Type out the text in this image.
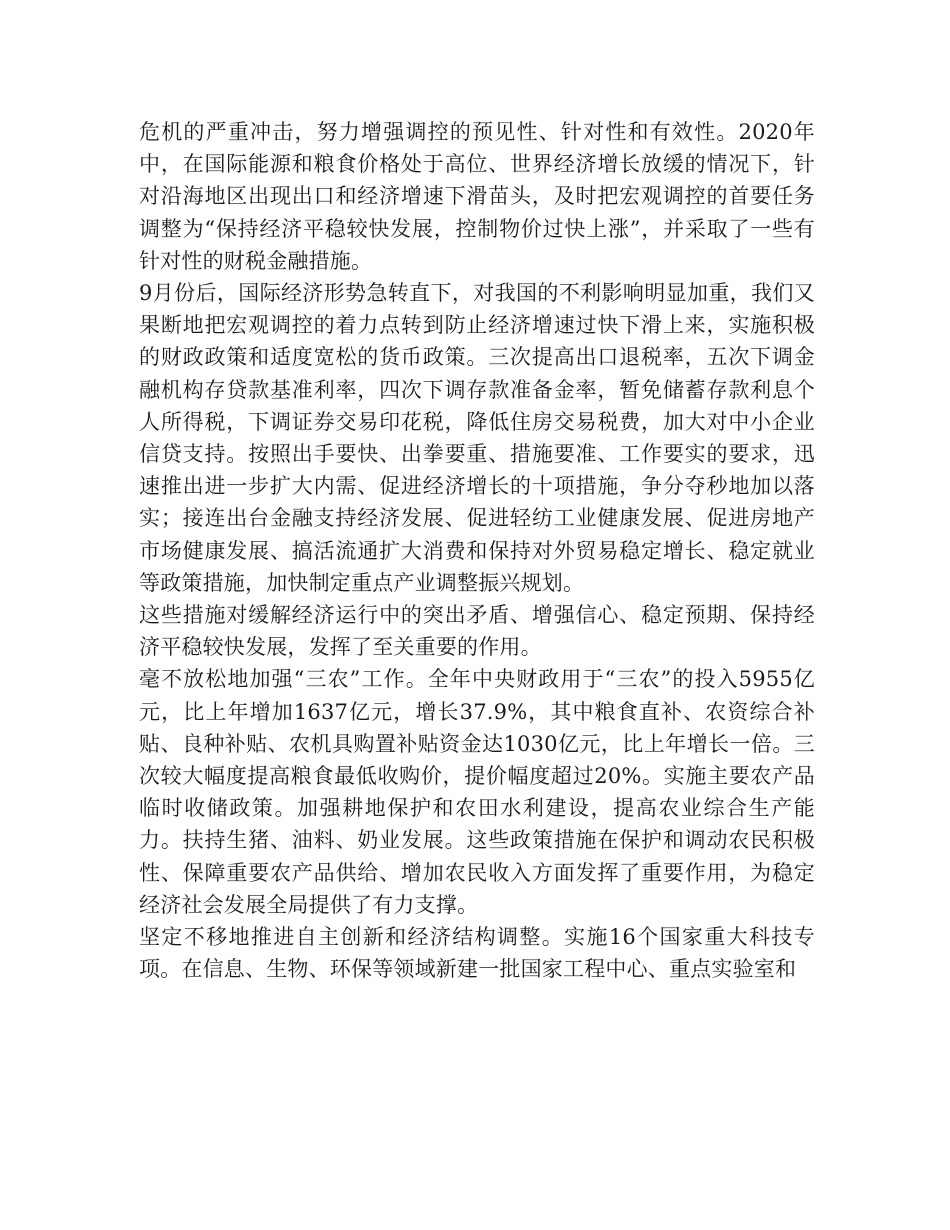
危机的严重冲击，努力增强调控的预见性、针对性和有效性。2020年中，在国际能源和粮食价格处于高位、世界经济增长放缓的情况下，针对沿海地区出现出口和经济增速下滑苗头，及时把宏观调控的首要任务调整为“保持经济平稳较快发展，控制物价过快上涨”，并采取了一些有针对性的财税金融措施。

9月份后，国际经济形势急转直下，对我国的不利影响明显加重，我们又果断地把宏观调控的着力点转到防止经济增速过快下滑上来，实施积极的财政政策和适度宽松的货币政策。三次提高出口退税率，五次下调金融机构存贷款基准利率，四次下调存款准备金率，暂免储蓄存款利息个人所得税，下调证券交易印花税，降低住房交易税费，加大对中小企业信贷支持。按照出手要快、出拳要重、措施要准、工作要实的要求，迅速推出进一步扩大内需、促进经济增长的十项措施，争分夺秒地加以落实；接连出台金融支持经济发展、促进轻纺工业健康发展、促进房地产市场健康发展、搞活流通扩大消费和保持对外贸易稳定增长、稳定就业等政策措施，加快制定重点产业调整振兴规划。

这些措施对缓解经济运行中的突出矛盾、增强信心、稳定预期、保持经济平稳较快发展，发挥了至关重要的作用。

毫不放松地加强“三农”工作。全年中央财政用于“三农”的投入5955亿元，比上年增加1637亿元，增长37.9%，其中粮食直补、农资综合补贴、良种补贴、农机具购置补贴资金达1030亿元，比上年增长一倍。三次较大幅度提高粮食最低收购价，提价幅度超过20%。实施主要农产品临时收储政策。加强耕地保护和农田水利建设，提高农业综合生产能力。扶持生猪、油料、奶业发展。这些政策措施在保护和调动农民积极性、保障重要农产品供给、增加农民收入方面发挥了重要作用，为稳定经济社会发展全局提供了有力支撑。

坚定不移地推进自主创新和经济结构调整。实施16个国家重大科技专项。在信息、生物、环保等领域新建一批国家工程中心、重点实验室和
